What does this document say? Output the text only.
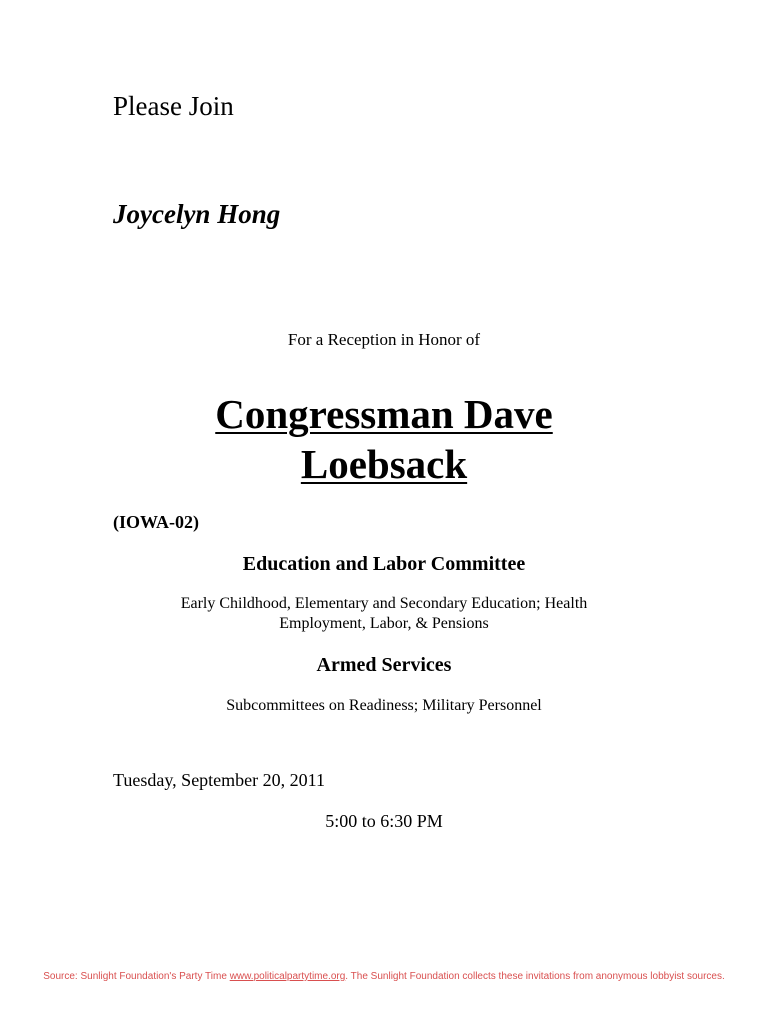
Please Join
Joycelyn Hong
For a Reception in Honor of
Congressman Dave
Loebsack
(IOWA-02)
Education and Labor Committee
Early Childhood, Elementary and Secondary Education; Health
Employment, Labor, & Pensions
Armed Services
Subcommittees on Readiness; Military Personnel
Tuesday, September 20, 2011
5:00 to 6:30 PM
Source: Sunlight Foundation's Party Time www.politicalpartytime.org. The Sunlight Foundation collects these invitations from anonymous lobbyist sources.
